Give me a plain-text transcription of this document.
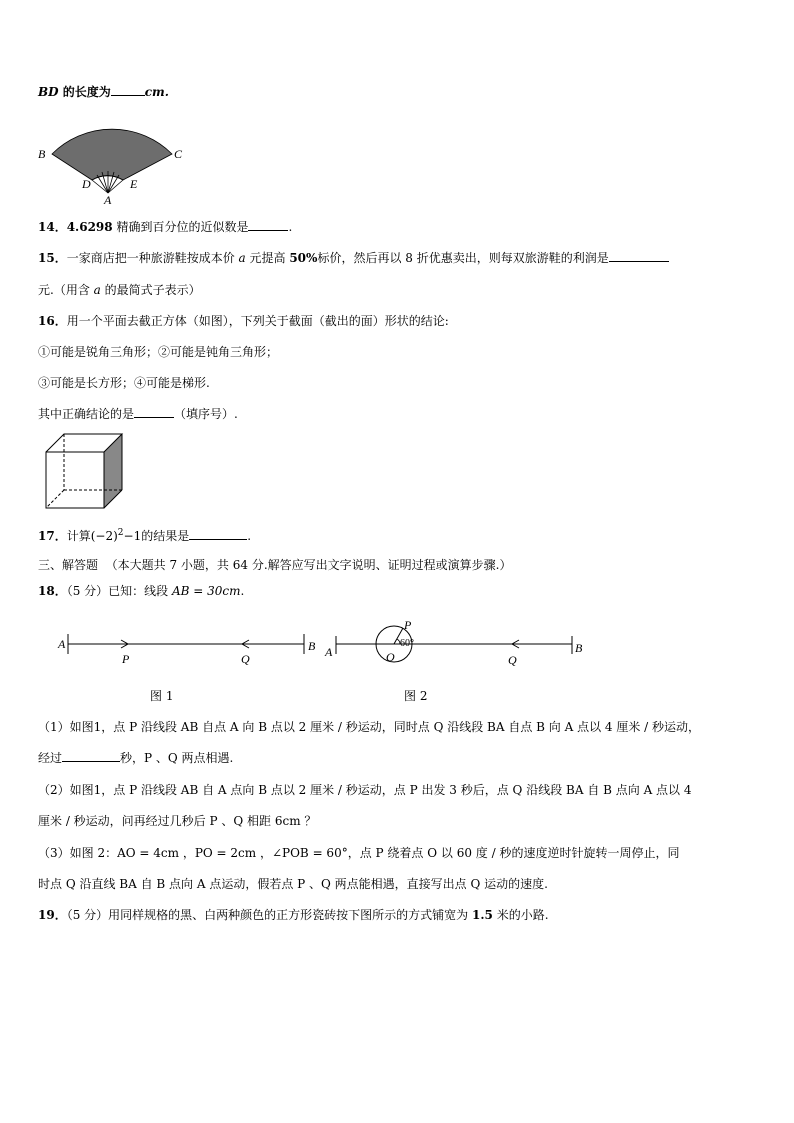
BD 的长度为	cm.
B	C
D	E
A
14．4.6298 精确到百分位的近似数是	.
15．一家商店把一种旅游鞋按成本价 a 元提高 50%标价，然后再以 8 折优惠卖出，则每双旅游鞋的利润是
元.（用含 a 的最简式子表示）
16．用一个平面去截正方体（如图），下列关于截面（截出的面）形状的结论:
①可能是锐角三角形；②可能是钝角三角形；
③可能是长方形；④可能是梯形.
其中正确结论的是	（填序号）.
17．计算$(-2)^2-1$的结果是	.
三、解答题 （本大题共 7 小题，共 64 分.解答应写出文字说明、证明过程或演算步骤.）
18．（5 分）已知：线段 AB = 30cm.
A	B
P	Q
图 1
A	B
P
O
60°
Q
图 2
（1）如图1，点 P 沿线段 AB 自点 A 向 B 点以 2 厘米 / 秒运动，同时点 Q 沿线段 BA 自点 B 向 A 点以 4 厘米 / 秒运动，
经过	秒，P 、Q 两点相遇.
（2）如图1，点 P 沿线段 AB 自 A 点向 B 点以 2 厘米 / 秒运动，点 P 出发 3 秒后，点 Q 沿线段 BA 自 B 点向 A 点以 4
厘米 / 秒运动，问再经过几秒后 P 、Q 相距 6cm ？
（3）如图 2：AO = 4cm ，PO = 2cm ，∠POB = 60°，点 P 绕着点 O 以 60 度 / 秒的速度逆时针旋转一周停止，同
时点 Q 沿直线 BA 自 B 点向 A 点运动，假若点 P 、Q 两点能相遇，直接写出点 Q 运动的速度.
19．（5 分）用同样规格的黑、白两种颜色的正方形瓷砖按下图所示的方式铺宽为 1.5 米的小路.
